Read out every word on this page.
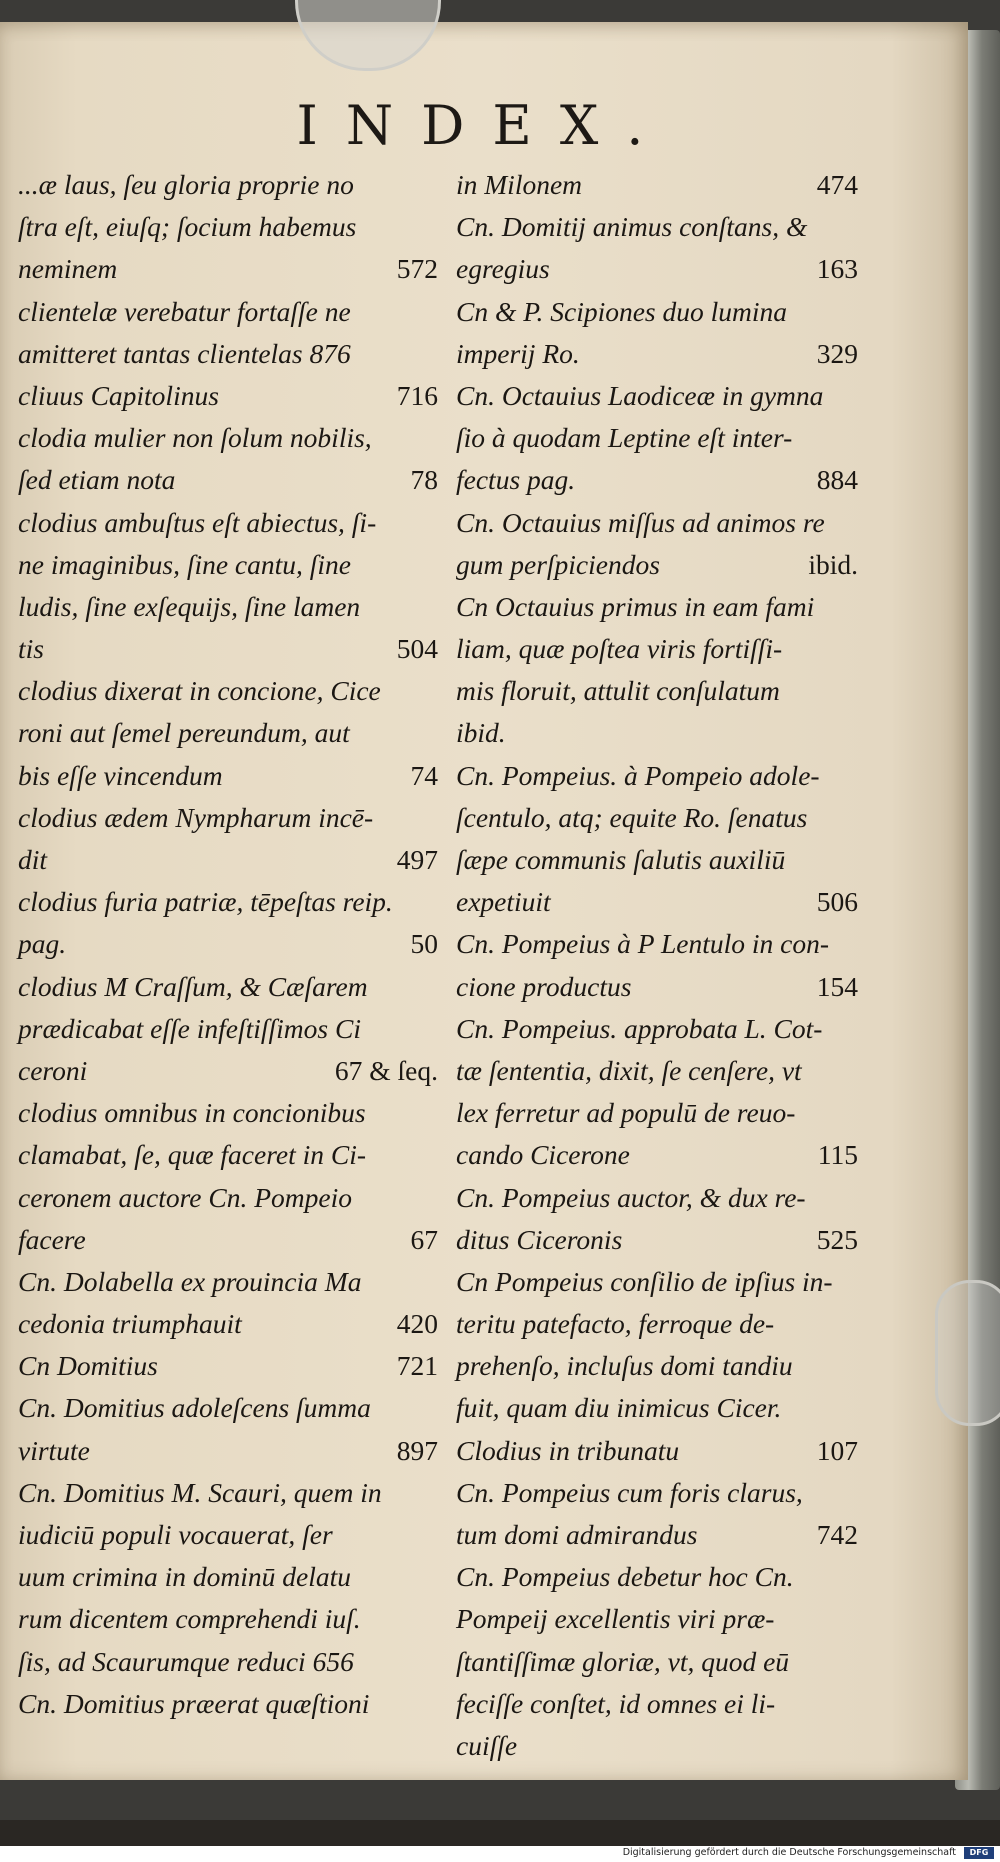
INDEX.
...æ laus, ſeu gloria proprie no
ſtra eſt, eiuſq; ſocium habemus
neminem	572
clientelæ verebatur fortaſſe ne
amitteret tantas clientelas 876
cliuus Capitolinus	716
clodia mulier non ſolum nobilis,
ſed etiam nota	78
clodius ambuſtus eſt abiectus, ſi-
ne imaginibus, ſine cantu, ſine
ludis, ſine exſequijs, ſine lamen
tis	504
clodius dixerat in concione, Cice
roni aut ſemel pereundum, aut
bis eſſe vincendum	74
clodius ædem Nympharum incē-
dit	497
clodius furia patriæ, tēpeſtas reip.
pag.	50
clodius M Craſſum, & Cæſarem
prædicabat eſſe infeſtiſſimos Ci
ceroni	67 & ſeq.
clodius omnibus in concionibus
clamabat, ſe, quæ faceret in Ci-
ceronem auctore Cn. Pompeio
facere	67
Cn. Dolabella ex prouincia Ma
cedonia triumphauit	420
Cn Domitius	721
Cn. Domitius adoleſcens ſumma
virtute	897
Cn. Domitius M. Scauri, quem in
iudiciū populi vocauerat, ſer
uum crimina in dominū delatu
rum dicentem comprehendi iuſ.
ſis, ad Scaurumque reduci 656
Cn. Domitius præerat quæſtioni
in Milonem	474
Cn. Domitij animus conſtans, &
egregius	163
Cn & P. Scipiones duo lumina
imperij Ro.	329
Cn. Octauius Laodiceæ in gymna
ſio à quodam Leptine eſt inter-
fectus pag.	884
Cn. Octauius miſſus ad animos re
gum perſpiciendos	ibid.
Cn Octauius primus in eam fami
liam, quæ poſtea viris fortiſſi-
mis floruit, attulit conſulatum
ibid.
Cn. Pompeius. à Pompeio adole-
ſcentulo, atq; equite Ro. ſenatus
ſæpe communis ſalutis auxiliū
expetiuit	506
Cn. Pompeius à P Lentulo in con-
cione productus	154
Cn. Pompeius. approbata L. Cot-
tæ ſententia, dixit, ſe cenſere, vt
lex ferretur ad populū de reuo-
cando Cicerone	115
Cn. Pompeius auctor, & dux re-
ditus Ciceronis	525
Cn Pompeius conſilio de ipſius in-
teritu patefacto, ferroque de-
prehenſo, incluſus domi tandiu
fuit, quam diu inimicus Cicer.
Clodius in tribunatu	107
Cn. Pompeius cum foris clarus,
tum domi admirandus	742
Cn. Pompeius debetur hoc Cn.
Pompeij excellentis viri præ-
ſtantiſſimæ gloriæ, vt, quod eū
feciſſe conſtet, id omnes ei li-
cuiſſe
Digitalisierung gefördert durch die Deutsche Forschungsgemeinschaft	DFG
